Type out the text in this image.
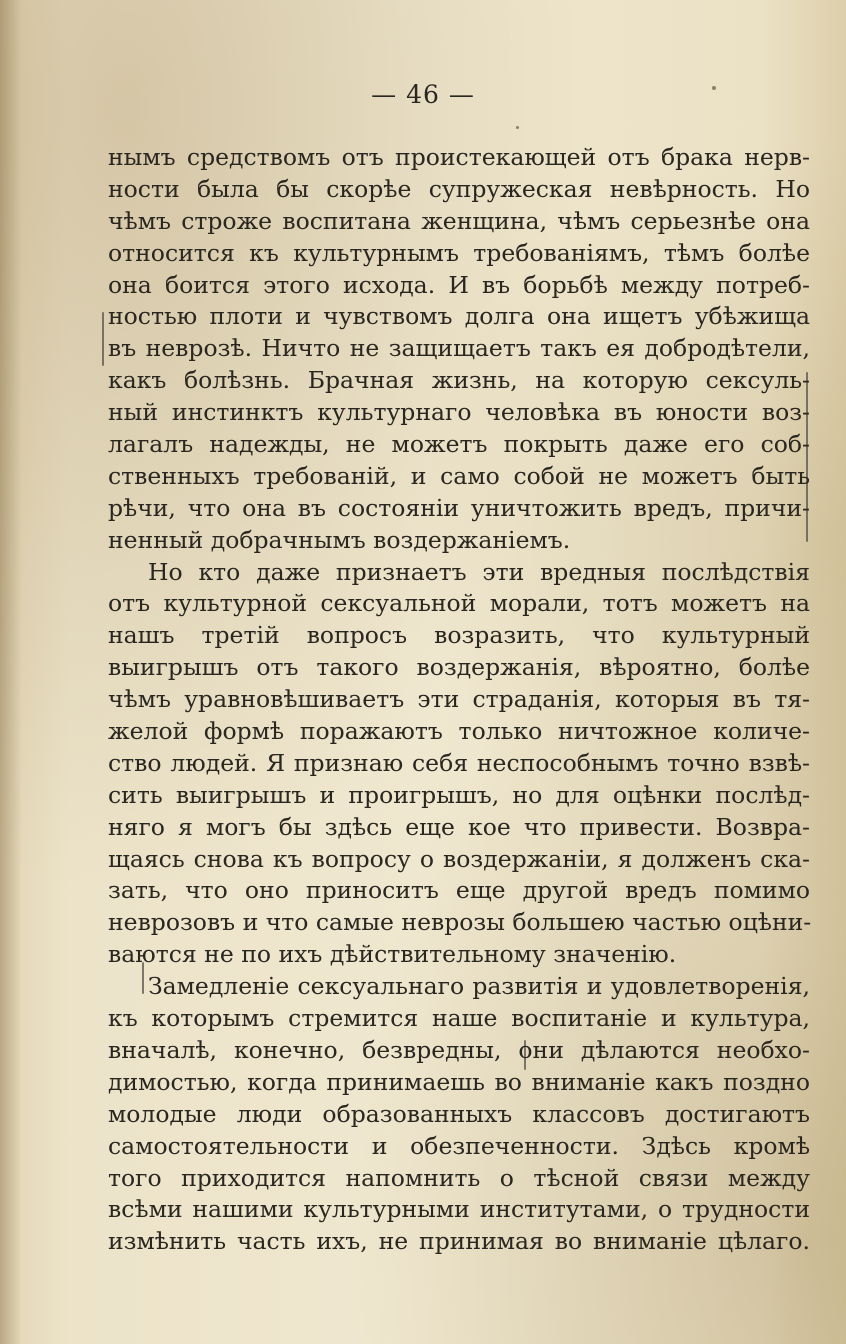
— 46 —
нымъ средствомъ отъ проистекающей отъ брака нерв-
ности была бы скорѣе супружеская невѣрность. Но
чѣмъ строже воспитана женщина, чѣмъ серьезнѣе она
относится къ культурнымъ требованiямъ, тѣмъ болѣе
она боится этого исхода. И въ борьбѣ между потреб-
ностью плоти и чувствомъ долга она ищетъ убѣжища
въ неврозѣ. Ничто не защищаетъ такъ ея добродѣтели,
какъ болѣзнь. Брачная жизнь, на которую сексуль-
ный инстинктъ культурнаго человѣка въ юности воз-
лагалъ надежды, не можетъ покрыть даже его соб-
ственныхъ требованiй, и само собой не можетъ быть
рѣчи, что она въ состоянiи уничтожить вредъ, причи-
ненный добрачнымъ воздержанiемъ.
Но кто даже признаетъ эти вредныя послѣдствiя
отъ культурной сексуальной морали, тотъ можетъ на
нашъ третiй вопросъ возразить, что культурный
выигрышъ отъ такого воздержанiя, вѣроятно, болѣе
чѣмъ уравновѣшиваетъ эти страданiя, которыя въ тя-
желой формѣ поражаютъ только ничтожное количе-
ство людей. Я признаю себя неспособнымъ точно взвѣ-
сить выигрышъ и проигрышъ, но для оцѣнки послѣд-
няго я могъ бы здѣсь еще кое что привести. Возвра-
щаясь снова къ вопросу о воздержанiи, я долженъ ска-
зать, что оно приноситъ еще другой вредъ помимо
неврозовъ и что самые неврозы большею частью оцѣни-
ваются не по ихъ дѣйствительному значенiю.
Замедленiе сексуальнаго развитiя и удовлетворенiя,
къ которымъ стремится наше воспитанiе и культура,
вначалѣ, конечно, безвредны, они дѣлаются необхо-
димостью, когда принимаешь во вниманiе какъ поздно
молодые люди образованныхъ классовъ достигаютъ
самостоятельности и обезпеченности. Здѣсь кромѣ
того приходится напомнить о тѣсной связи между
всѣми нашими культурными институтами, о трудности
измѣнить часть ихъ, не принимая во вниманiе цѣлаго.
